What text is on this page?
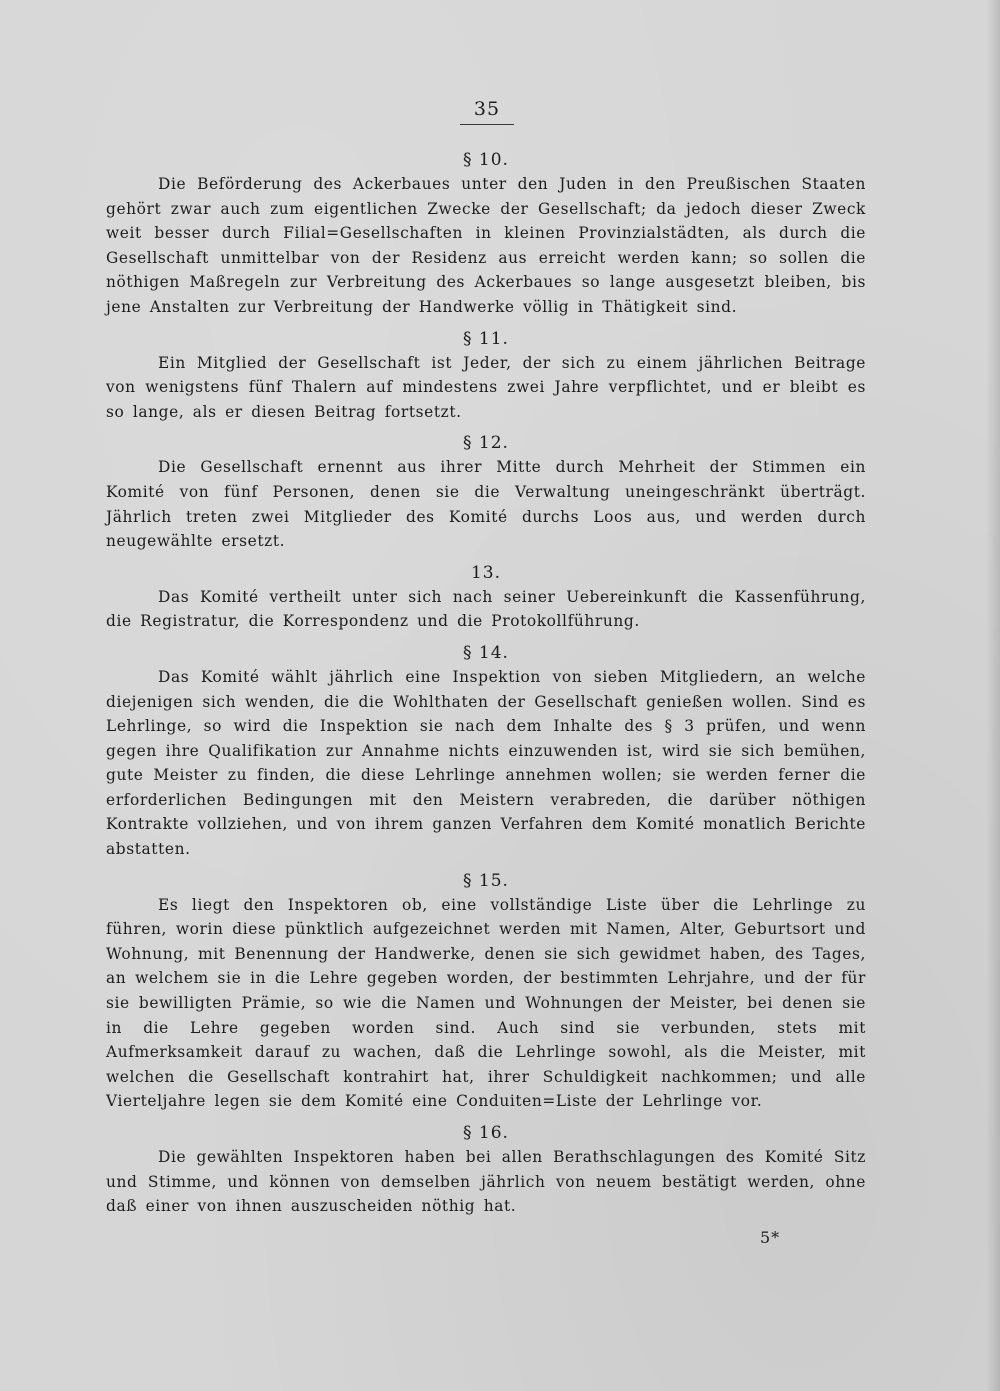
35
§ 10.

Die Beförderung des Ackerbaues unter den Juden in den Preußischen Staaten gehört zwar auch zum eigentlichen Zwecke der Gesellschaft; da jedoch dieser Zweck weit besser durch Filial=Gesellschaften in kleinen Provinzialstädten, als durch die Gesellschaft unmittelbar von der Residenz aus erreicht werden kann; so sollen die nöthigen Maßregeln zur Verbreitung des Ackerbaues so lange ausgesetzt bleiben, bis jene Anstalten zur Verbreitung der Handwerke völlig in Thätigkeit sind.

§ 11.

Ein Mitglied der Gesellschaft ist Jeder, der sich zu einem jährlichen Beitrage von wenigstens fünf Thalern auf mindestens zwei Jahre verpflichtet, und er bleibt es so lange, als er diesen Beitrag fortsetzt.

§ 12.

Die Gesellschaft ernennt aus ihrer Mitte durch Mehrheit der Stimmen ein Komité von fünf Personen, denen sie die Verwaltung uneingeschränkt überträgt. Jährlich treten zwei Mitglieder des Komité durchs Loos aus, und werden durch neugewählte ersetzt.

13.

Das Komité vertheilt unter sich nach seiner Uebereinkunft die Kassenführung, die Registratur, die Korrespondenz und die Protokollführung.

§ 14.

Das Komité wählt jährlich eine Inspektion von sieben Mitgliedern, an welche diejenigen sich wenden, die die Wohlthaten der Gesellschaft genießen wollen. Sind es Lehrlinge, so wird die Inspektion sie nach dem Inhalte des § 3 prüfen, und wenn gegen ihre Qualifikation zur Annahme nichts einzuwenden ist, wird sie sich bemühen, gute Meister zu finden, die diese Lehrlinge annehmen wollen; sie werden ferner die erforderlichen Bedingungen mit den Meistern verabreden, die darüber nöthigen Kontrakte vollziehen, und von ihrem ganzen Verfahren dem Komité monatlich Berichte abstatten.

§ 15.

Es liegt den Inspektoren ob, eine vollständige Liste über die Lehrlinge zu führen, worin diese pünktlich aufgezeichnet werden mit Namen, Alter, Geburtsort und Wohnung, mit Benennung der Handwerke, denen sie sich gewidmet haben, des Tages, an welchem sie in die Lehre gegeben worden, der bestimmten Lehrjahre, und der für sie bewilligten Prämie, so wie die Namen und Wohnungen der Meister, bei denen sie in die Lehre gegeben worden sind. Auch sind sie verbunden, stets mit Aufmerksamkeit darauf zu wachen, daß die Lehrlinge sowohl, als die Meister, mit welchen die Gesellschaft kontrahirt hat, ihrer Schuldigkeit nachkommen; und alle Vierteljahre legen sie dem Komité eine Conduiten=Liste der Lehrlinge vor.

§ 16.

Die gewählten Inspektoren haben bei allen Berathschlagungen des Komité Sitz und Stimme, und können von demselben jährlich von neuem bestätigt werden, ohne daß einer von ihnen auszuscheiden nöthig hat.

5*
